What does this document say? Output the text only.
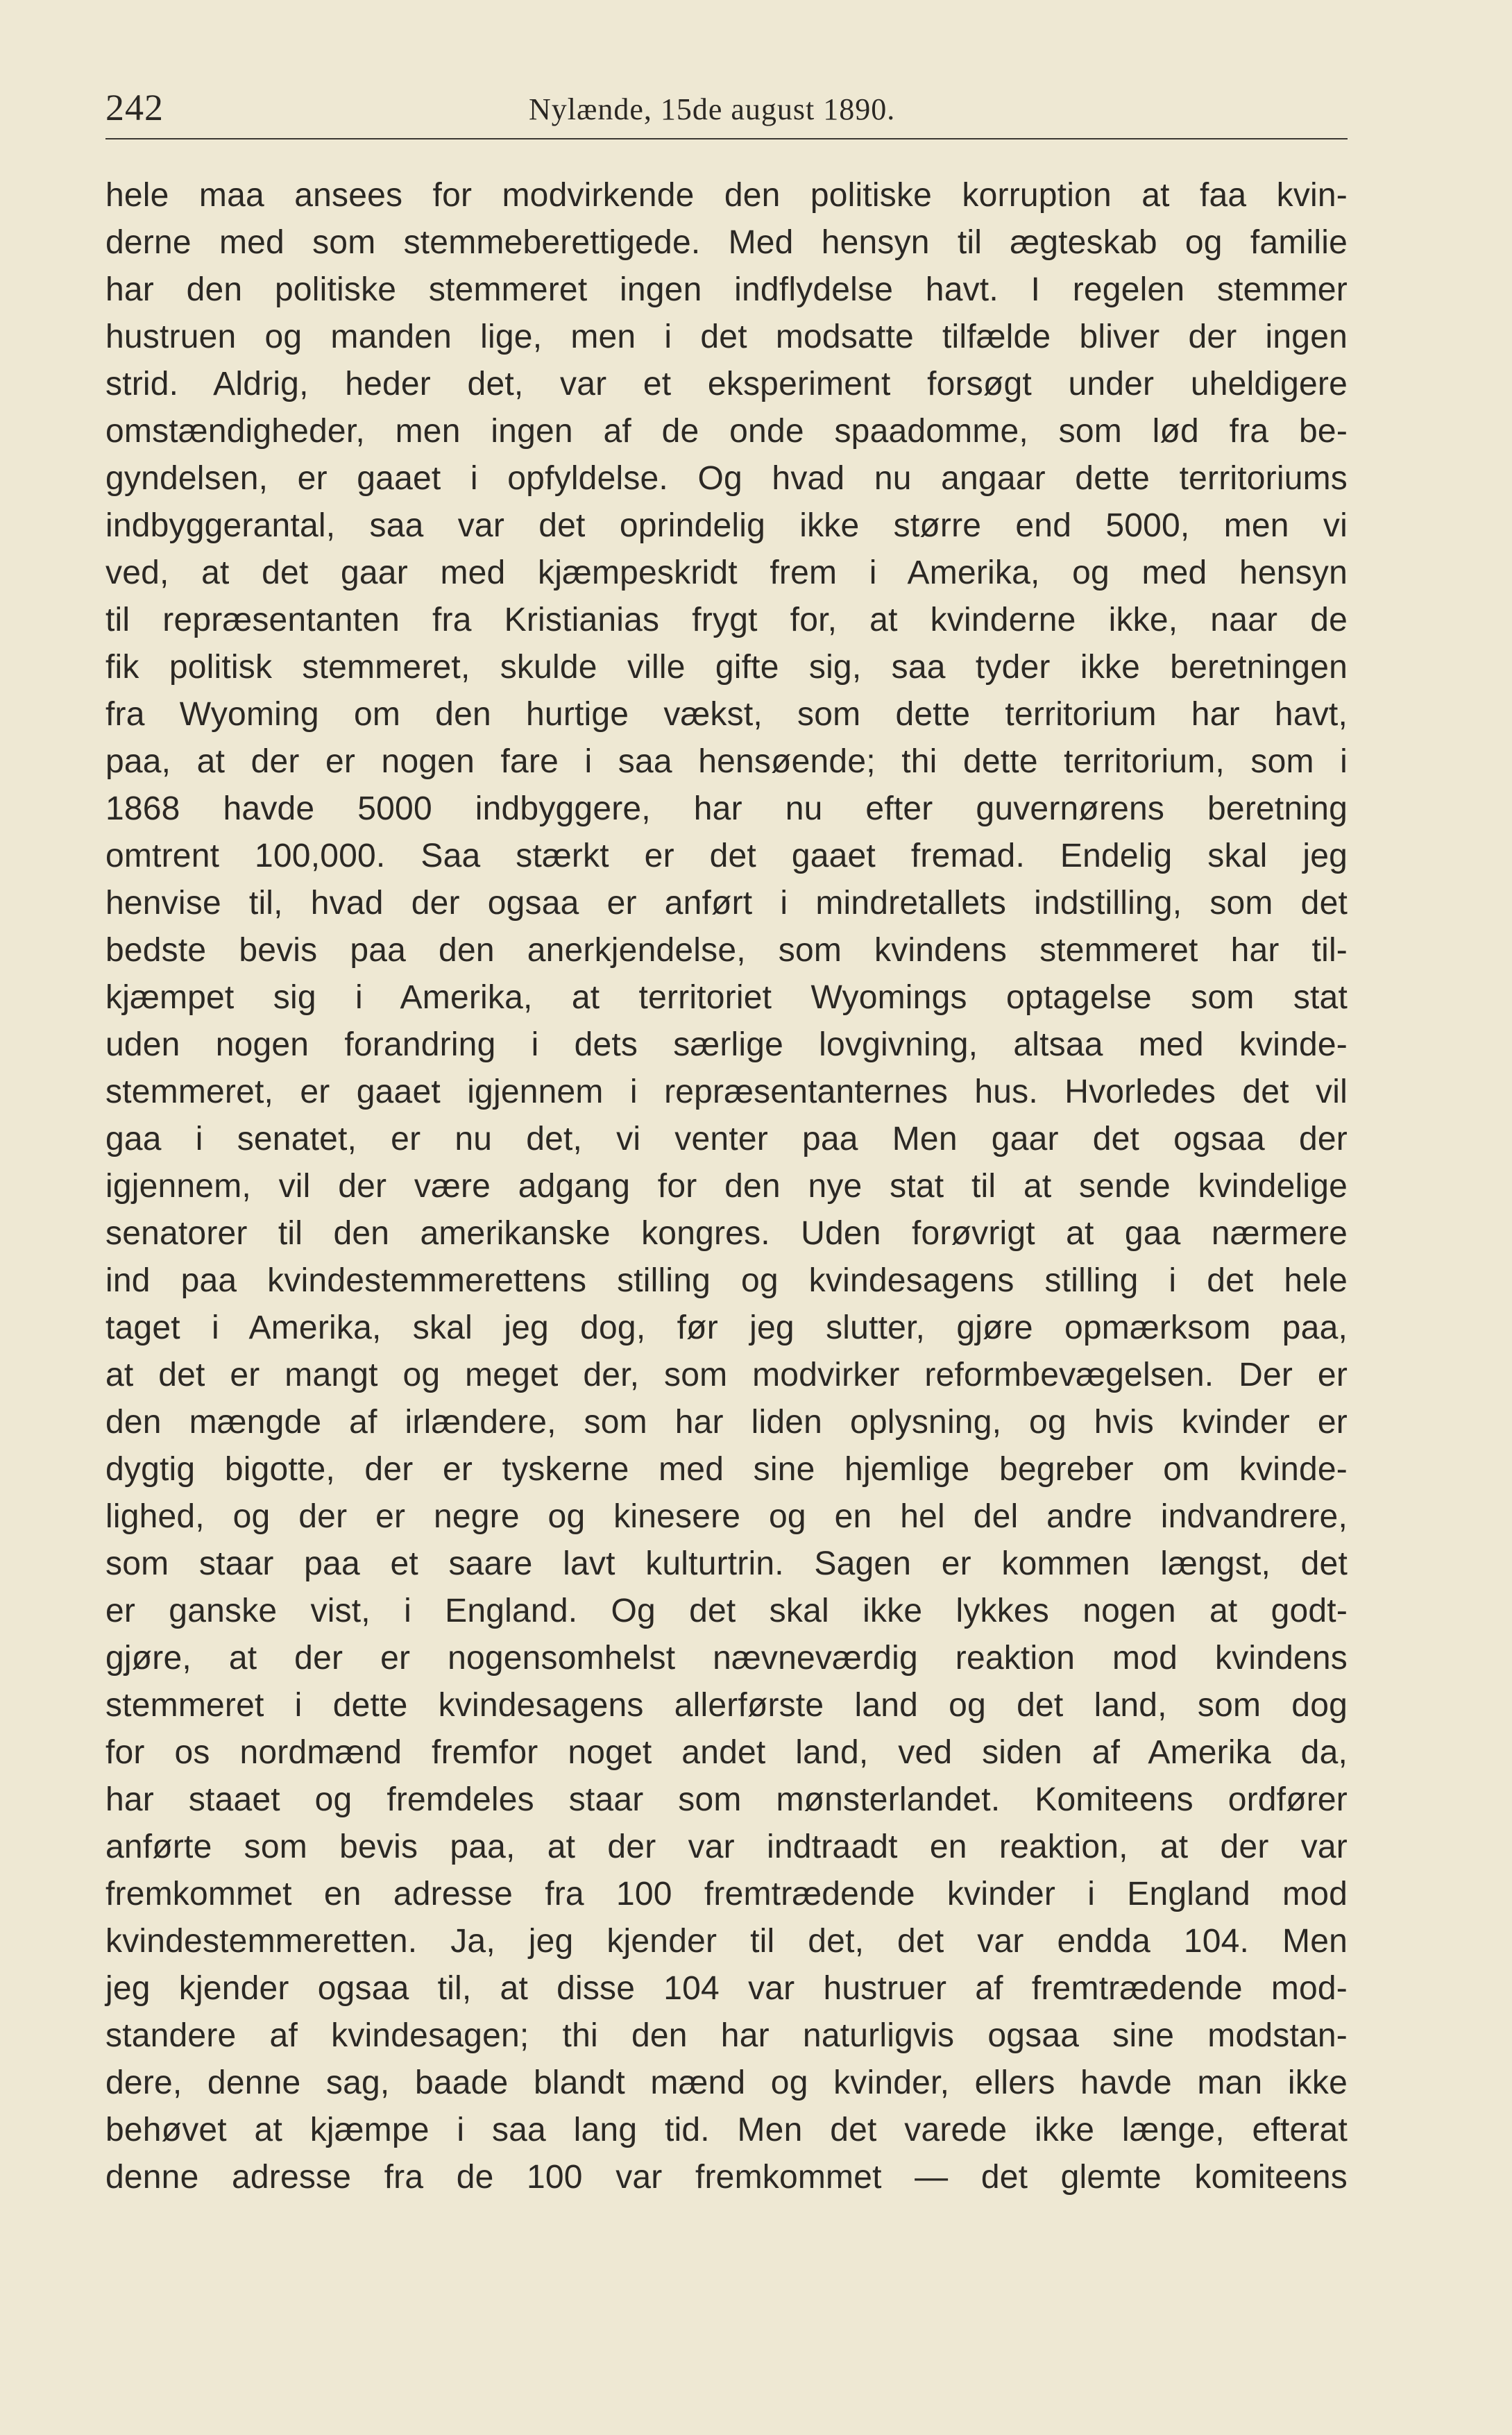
242	Nylænde, 15de august 1890.
hele maa ansees for modvirkende den politiske korruption at faa kvin-
derne med som stemmeberettigede. Med hensyn til ægteskab og familie
har den politiske stemmeret ingen indflydelse havt. I regelen stemmer
hustruen og manden lige, men i det modsatte tilfælde bliver der ingen
strid. Aldrig, heder det, var et eksperiment forsøgt under uheldigere
omstændigheder, men ingen af de onde spaadomme, som lød fra be-
gyndelsen, er gaaet i opfyldelse. Og hvad nu angaar dette territoriums
indbyggerantal, saa var det oprindelig ikke større end 5000, men vi
ved, at det gaar med kjæmpeskridt frem i Amerika, og med hensyn
til repræsentanten fra Kristianias frygt for, at kvinderne ikke, naar de
fik politisk stemmeret, skulde ville gifte sig, saa tyder ikke beretningen
fra Wyoming om den hurtige vækst, som dette territorium har havt,
paa, at der er nogen fare i saa hensøende; thi dette territorium, som i
1868 havde 5000 indbyggere, har nu efter guvernørens beretning
omtrent 100,000. Saa stærkt er det gaaet fremad. Endelig skal jeg
henvise til, hvad der ogsaa er anført i mindretallets indstilling, som det
bedste bevis paa den anerkjendelse, som kvindens stemmeret har til-
kjæmpet sig i Amerika, at territoriet Wyomings optagelse som stat
uden nogen forandring i dets særlige lovgivning, altsaa med kvinde-
stemmeret, er gaaet igjennem i repræsentanternes hus. Hvorledes det vil
gaa i senatet, er nu det, vi venter paa Men gaar det ogsaa der
igjennem, vil der være adgang for den nye stat til at sende kvindelige
senatorer til den amerikanske kongres. Uden forøvrigt at gaa nærmere
ind paa kvindestemmerettens stilling og kvindesagens stilling i det hele
taget i Amerika, skal jeg dog, før jeg slutter, gjøre opmærksom paa,
at det er mangt og meget der, som modvirker reformbevægelsen. Der er
den mængde af irlændere, som har liden oplysning, og hvis kvinder er
dygtig bigotte, der er tyskerne med sine hjemlige begreber om kvinde-
lighed, og der er negre og kinesere og en hel del andre indvandrere,
som staar paa et saare lavt kulturtrin. Sagen er kommen længst, det
er ganske vist, i England. Og det skal ikke lykkes nogen at godt-
gjøre, at der er nogensomhelst nævneværdig reaktion mod kvindens
stemmeret i dette kvindesagens allerførste land og det land, som dog
for os nordmænd fremfor noget andet land, ved siden af Amerika da,
har staaet og fremdeles staar som mønsterlandet. Komiteens ordfører
anførte som bevis paa, at der var indtraadt en reaktion, at der var
fremkommet en adresse fra 100 fremtrædende kvinder i England mod
kvindestemmeretten. Ja, jeg kjender til det, det var endda 104. Men
jeg kjender ogsaa til, at disse 104 var hustruer af fremtrædende mod-
standere af kvindesagen; thi den har naturligvis ogsaa sine modstan-
dere, denne sag, baade blandt mænd og kvinder, ellers havde man ikke
behøvet at kjæmpe i saa lang tid. Men det varede ikke længe, efterat
denne adresse fra de 100 var fremkommet — det glemte komiteens
